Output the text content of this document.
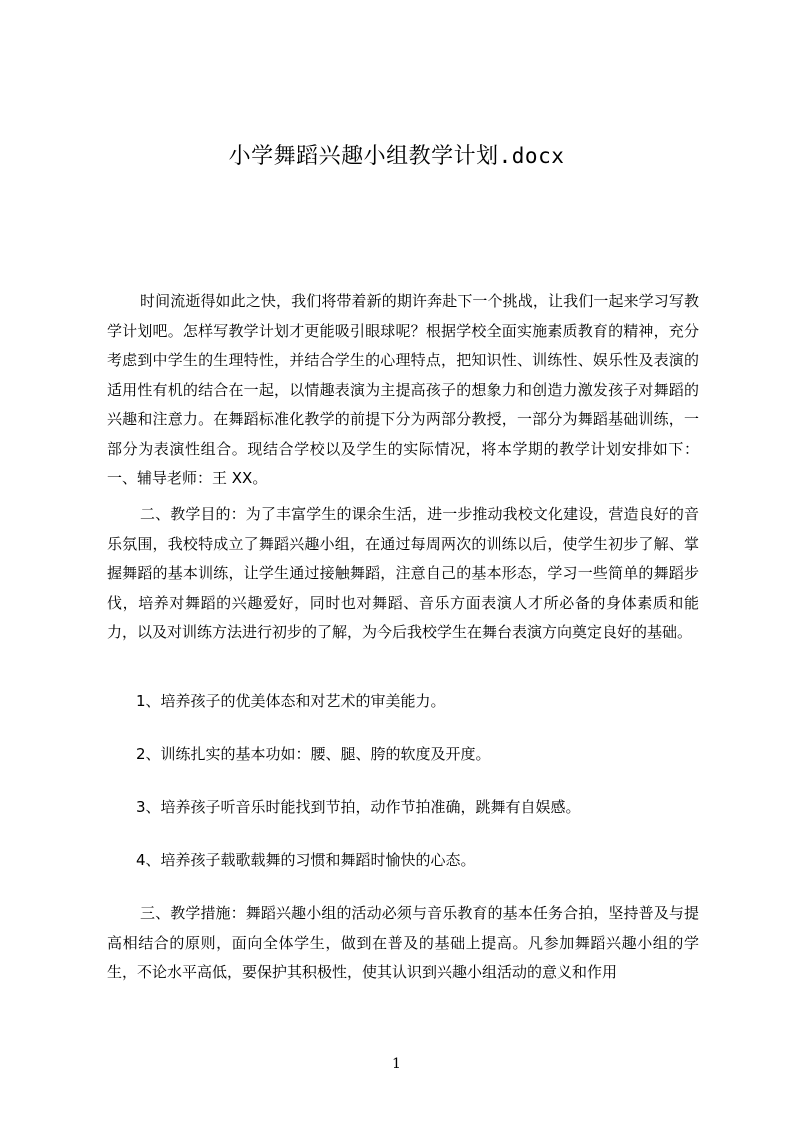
小学舞蹈兴趣小组教学计划.docx

时间流逝得如此之快，我们将带着新的期许奔赴下一个挑战，让我们一起来学习写教学计划吧。怎样写教学计划才更能吸引眼球呢？根据学校全面实施素质教育的精神，充分考虑到中学生的生理特性，并结合学生的心理特点，把知识性、训练性、娱乐性及表演的适用性有机的结合在一起，以情趣表演为主提高孩子的想象力和创造力激发孩子对舞蹈的兴趣和注意力。在舞蹈标准化教学的前提下分为两部分教授，一部分为舞蹈基础训练，一部分为表演性组合。现结合学校以及学生的实际情况，将本学期的教学计划安排如下：一、辅导老师：王 XX。

二、教学目的：为了丰富学生的课余生活，进一步推动我校文化建设，营造良好的音乐氛围，我校特成立了舞蹈兴趣小组，在通过每周两次的训练以后，使学生初步了解、掌握舞蹈的基本训练，让学生通过接触舞蹈，注意自己的基本形态，学习一些简单的舞蹈步伐，培养对舞蹈的兴趣爱好，同时也对舞蹈、音乐方面表演人才所必备的身体素质和能力，以及对训练方法进行初步的了解，为今后我校学生在舞台表演方向奠定良好的基础。

1、培养孩子的优美体态和对艺术的审美能力。
2、训练扎实的基本功如：腰、腿、胯的软度及开度。
3、培养孩子听音乐时能找到节拍，动作节拍准确，跳舞有自娱感。
4、培养孩子载歌载舞的习惯和舞蹈时愉快的心态。

三、教学措施：舞蹈兴趣小组的活动必须与音乐教育的基本任务合拍，坚持普及与提高相结合的原则，面向全体学生，做到在普及的基础上提高。凡参加舞蹈兴趣小组的学生，不论水平高低，要保护其积极性，使其认识到兴趣小组活动的意义和作用

1
